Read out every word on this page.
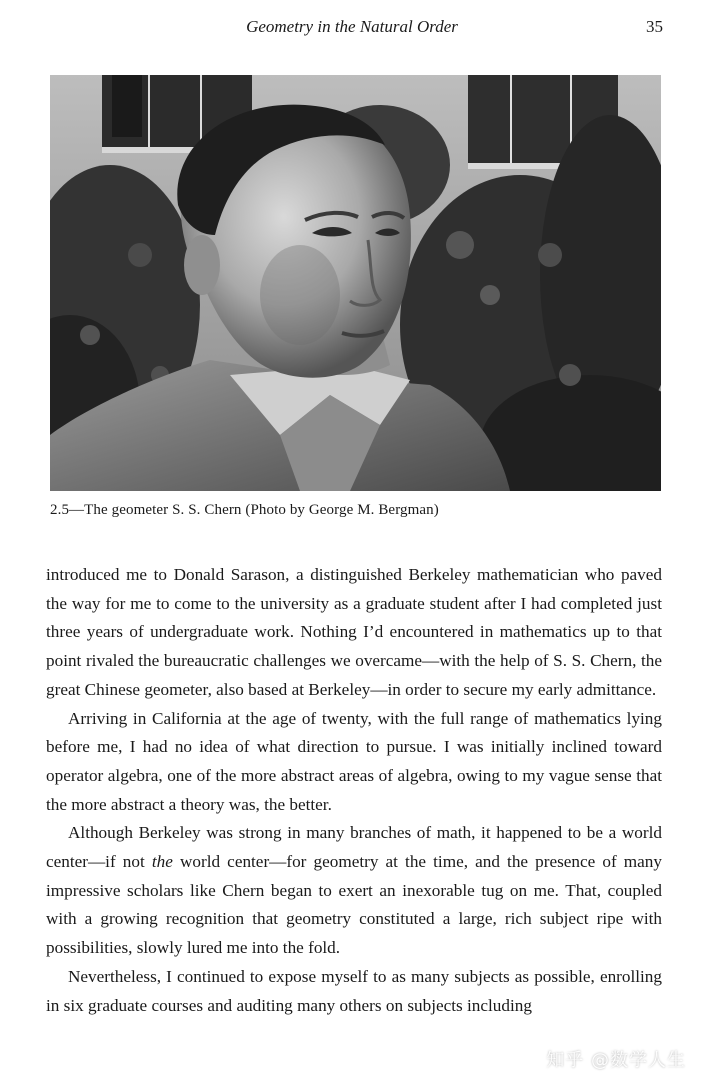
Geometry in the Natural Order	35
2.5—The geometer S. S. Chern (Photo by George M. Bergman)

introduced me to Donald Sarason, a distinguished Berkeley mathematician who paved the way for me to come to the university as a graduate student after I had completed just three years of undergraduate work. Nothing I’d encountered in mathematics up to that point rivaled the bureaucratic challenges we overcame—with the help of S. S. Chern, the great Chinese geometer, also based at Berkeley—in order to secure my early admittance.

Arriving in California at the age of twenty, with the full range of mathematics lying before me, I had no idea of what direction to pursue. I was initially inclined toward operator algebra, one of the more abstract areas of algebra, owing to my vague sense that the more abstract a theory was, the better.

Although Berkeley was strong in many branches of math, it happened to be a world center—if not the world center—for geometry at the time, and the presence of many impressive scholars like Chern began to exert an inexorable tug on me. That, coupled with a growing recognition that geometry constituted a large, rich subject ripe with possibilities, slowly lured me into the fold.

Nevertheless, I continued to expose myself to as many subjects as possible, enrolling in six graduate courses and auditing many others on subjects including

知乎 @数学人生
